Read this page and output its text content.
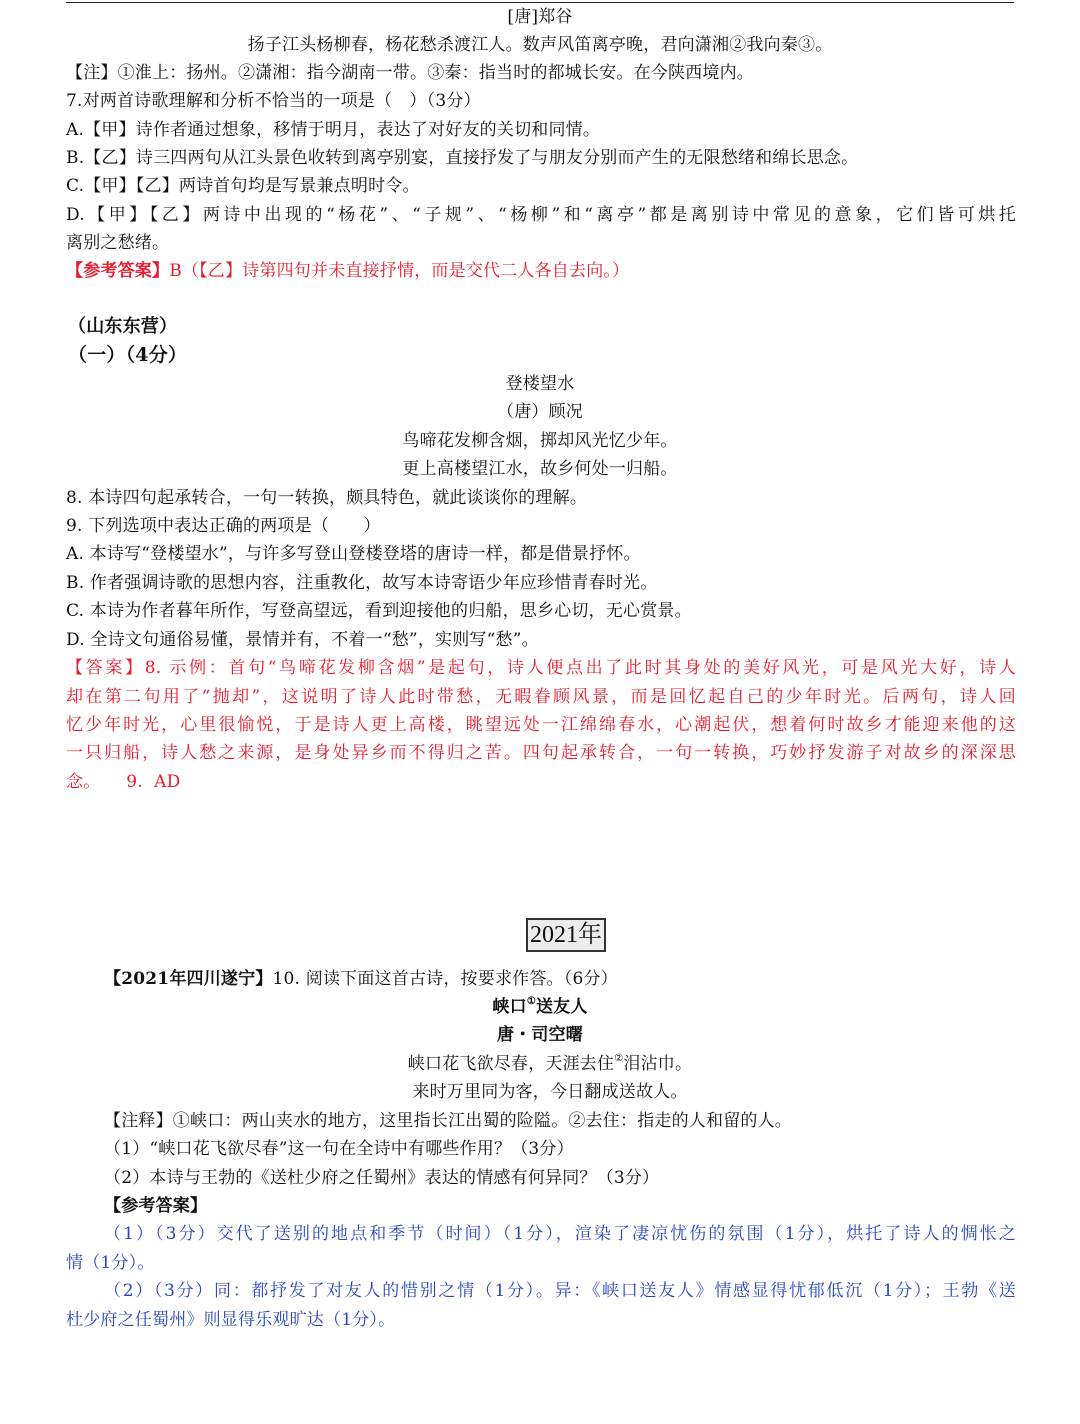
[唐]郑谷
扬子江头杨柳春，杨花愁杀渡江人。数声风笛离亭晚，君向潇湘②我向秦③。
【注】①淮上：扬州。②潇湘：指今湖南一带。③秦：指当时的都城长安。在今陕西境内。
7.对两首诗歌理解和分析不恰当的一项是（　）（3分）
A.【甲】诗作者通过想象，移情于明月，表达了对好友的关切和同情。
B.【乙】诗三四两句从江头景色收转到离亭别宴，直接抒发了与朋友分别而产生的无限愁绪和绵长思念。
C.【甲】【乙】两诗首句均是写景兼点明时令。
D.【甲】【乙】两诗中出现的“杨花”、“子规”、“杨柳”和“离亭”都是离别诗中常见的意象，它们皆可烘托
离别之愁绪。
【参考答案】B（【乙】诗第四句并未直接抒情，而是交代二人各自去向。）
（山东东营）
（一）（4分）
登楼望水
（唐）顾况
鸟啼花发柳含烟，掷却风光忆少年。
更上高楼望江水，故乡何处一归船。
8. 本诗四句起承转合，一句一转换，颇具特色，就此谈谈你的理解。
9. 下列选项中表达正确的两项是（　　）
A. 本诗写“登楼望水”，与许多写登山登楼登塔的唐诗一样，都是借景抒怀。
B. 作者强调诗歌的思想内容，注重教化，故写本诗寄语少年应珍惜青春时光。
C. 本诗为作者暮年所作，写登高望远，看到迎接他的归船，思乡心切，无心赏景。
D. 全诗文句通俗易懂，景情并有，不着一“愁”，实则写“愁”。
【答案】8. 示例：首句“鸟啼花发柳含烟”是起句，诗人便点出了此时其身处的美好风光，可是风光大好，诗人
却在第二句用了“抛却”，这说明了诗人此时带愁，无暇眷顾风景，而是回忆起自己的少年时光。后两句，诗人回
忆少年时光，心里很愉悦，于是诗人更上高楼，眺望远处一江绵绵春水，心潮起伏，想着何时故乡才能迎来他的这
一只归船，诗人愁之来源，是身处异乡而不得归之苦。四句起承转合，一句一转换，巧妙抒发游子对故乡的深深思
念。　　9.  AD
2021年
【2021年四川遂宁】10. 阅读下面这首古诗，按要求作答。（6分）
峡口①送友人
唐・司空曙
峡口花飞欲尽春，天涯去住②泪沾巾。
来时万里同为客，今日翻成送故人。
【注释】①峡口：两山夹水的地方，这里指长江出蜀的险隘。②去住：指走的人和留的人。
（1）“峡口花飞欲尽春”这一句在全诗中有哪些作用？（3分）
（2）本诗与王勃的《送杜少府之任蜀州》表达的情感有何异同？（3分）
【参考答案】
（1）（3分）交代了送别的地点和季节（时间）（1分），渲染了凄凉忧伤的氛围（1分），烘托了诗人的惆怅之
情（1分）。
（2）（3分）同：都抒发了对友人的惜别之情（1分）。异：《峡口送友人》情感显得忧郁低沉（1分）；王勃《送
杜少府之任蜀州》则显得乐观旷达（1分）。
